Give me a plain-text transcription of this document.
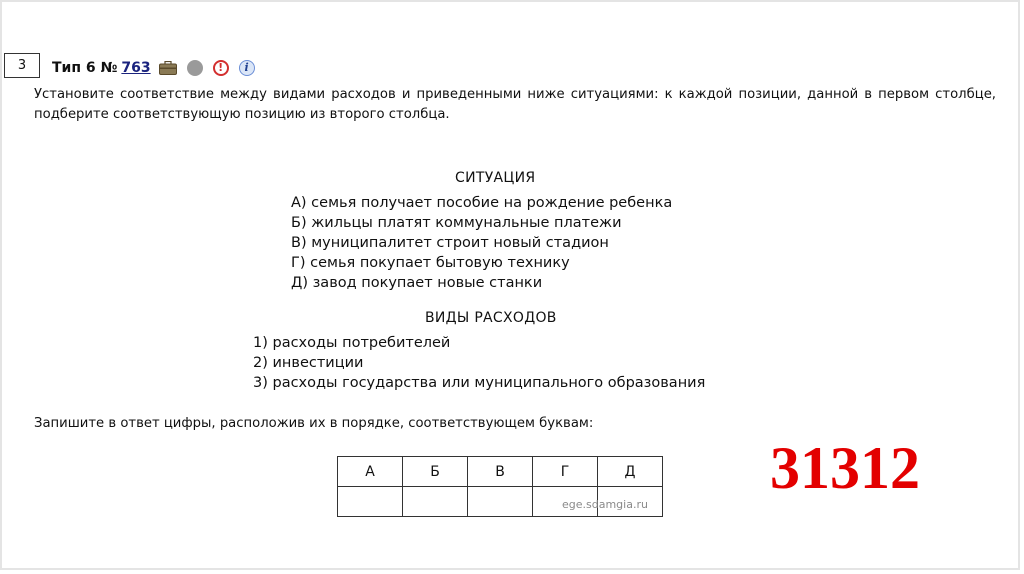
3	Тип 6 № 763	!	i
Установите соответствие между видами расходов и приведенными ниже ситуациями: к каждой позиции, данной в первом столбце, подберите соответствующую позицию из второго столбца.
СИТУАЦИЯ
А) семья получает пособие на рождение ребенка
Б) жильцы платят коммунальные платежи
В) муниципалитет строит новый стадион
Г) семья покупает бытовую технику
Д) завод покупает новые станки
ВИДЫ РАСХОДОВ
1) расходы потребителей
2) инвестиции
3) расходы государства или муниципального образования
Запишите в ответ цифры, расположив их в порядке, соответствующем буквам:
А	Б	В	Г	Д

ege.sdamgia.ru
31312
